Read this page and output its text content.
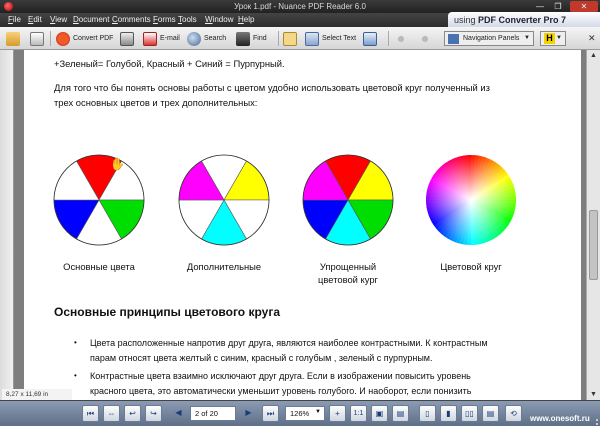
Урок 1.pdf - Nuance PDF Reader 6.0	—	❐	✕
File Edit View Document Comments Forms Tools Window Help	using PDF Converter Pro 7
Convert PDF	E-mail	Search	Find	Select Text	Navigation Panels ▼ H ▼	✕
+Зеленый= Голубой, Красный + Синий = Пурпурный.
Для того что бы понять основы работы с цветом удобно использовать цветовой круг полученный из
трех основных цветов и трех дополнительных:
✋
Основные цвета	Дополнительные	Упрощенный
цветовой кург
Цветовой круг
Основные принципы цветового круга
• Цвета расположенные напротив друг друга, являются наиболее контрастными. К контрастным
парам относят цвета желтый с синим, красный с голубым , зеленый с пурпурным.
• Контрастные цвета взаимно исключают друг друга. Если в изображении повысить уровень
красного цвета, это автоматически уменьшит уровень голубого. И наоборот, если понизить
▲
▼
8,27 x 11,69 in
⏮	⇔	↩	↪	◀	2 of 20	▶	⏭	126% ▼	+	1:1	▣	▤	▯	▮	▯▯	▤	⟲
www.onesoft.ru
